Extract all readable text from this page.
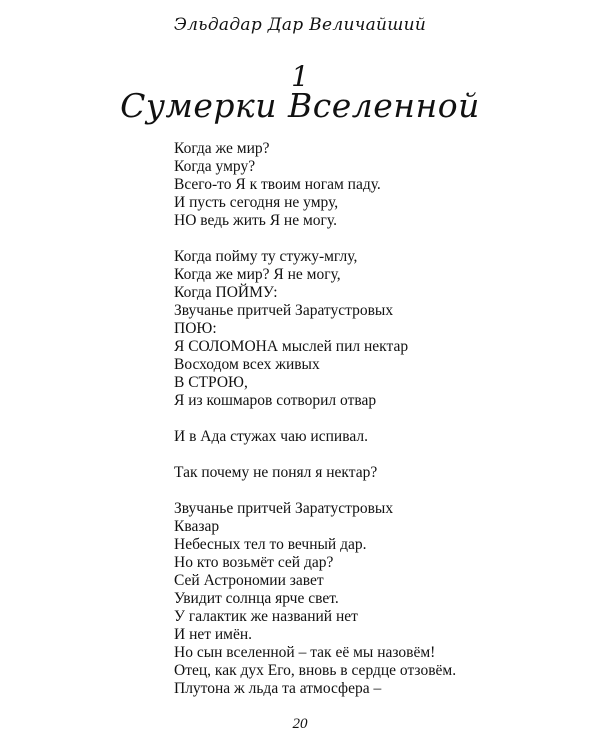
Эльдадар Дар Величайший
1
Сумерки Вселенной
Когда же мир?
Когда умру?
Всего-то Я к твоим ногам паду.
И пусть сегодня не умру,
НО ведь жить Я не могу.
Когда пойму ту стужу-мглу,
Когда же мир? Я не могу,
Когда ПОЙМУ:
Звучанье притчей Заратустровых
ПОЮ:
Я СОЛОМОНА мыслей пил нектар
Восходом всех живых
В СТРОЮ,
Я из кошмаров сотворил отвар
И в Ада стужах чаю испивал.
Так почему не понял я нектар?
Звучанье притчей Заратустровых
Квазар
Небесных тел то вечный дар.
Но кто возьмёт сей дар?
Сей Астрономии завет
Увидит солнца ярче свет.
У галактик же названий нет
И нет имён.
Но сын вселенной – так её мы назовём!
Отец, как дух Его, вновь в сердце отзовём.
Плутона ж льда та атмосфера –
20
